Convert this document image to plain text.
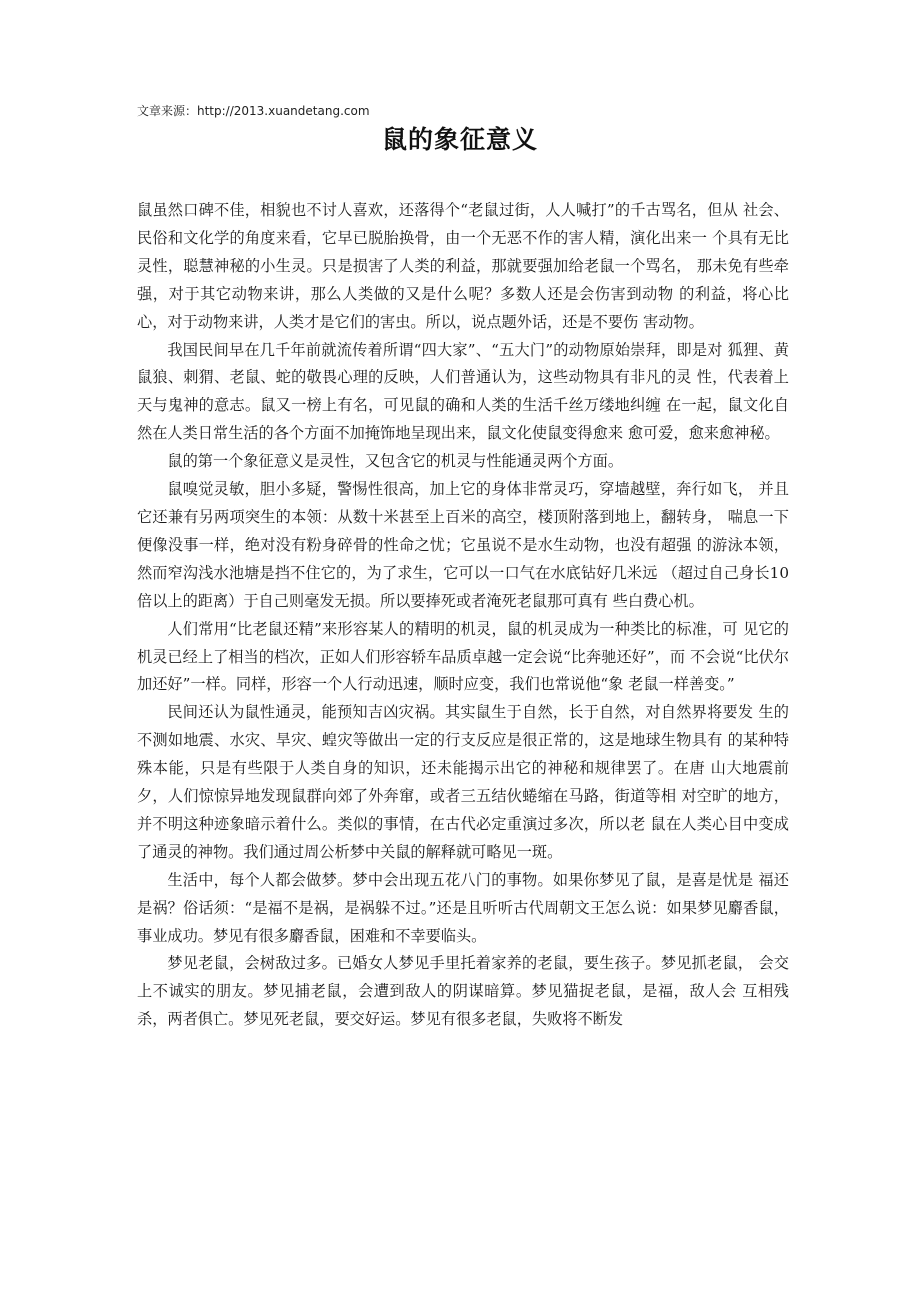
文章来源：http://2013.xuandetang.com
鼠的象征意义

鼠虽然口碑不佳，相貌也不讨人喜欢，还落得个“老鼠过街，人人喊打”的千古骂名，但从 社会、民俗和文化学的角度来看，它早已脱胎换骨，由一个无恶不作的害人精，演化出来一 个具有无比灵性，聪慧神秘的小生灵。只是损害了人类的利益，那就要强加给老鼠一个骂名， 那未免有些牵强，对于其它动物来讲，那么人类做的又是什么呢？多数人还是会伤害到动物 的利益，将心比心，对于动物来讲，人类才是它们的害虫。所以，说点题外话，还是不要伤 害动物。

我国民间早在几千年前就流传着所谓“四大家”、“五大门”的动物原始崇拜，即是对 狐狸、黄鼠狼、刺猬、老鼠、蛇的敬畏心理的反映，人们普通认为，这些动物具有非凡的灵 性，代表着上天与鬼神的意志。鼠又一榜上有名，可见鼠的确和人类的生活千丝万缕地纠缠 在一起，鼠文化自然在人类日常生活的各个方面不加掩饰地呈现出来，鼠文化使鼠变得愈来 愈可爱，愈来愈神秘。

鼠的第一个象征意义是灵性，又包含它的机灵与性能通灵两个方面。

鼠嗅觉灵敏，胆小多疑，警惕性很高，加上它的身体非常灵巧，穿墙越壁，奔行如飞， 并且它还兼有另两项突生的本领：从数十米甚至上百米的高空，楼顶附落到地上，翻转身， 喘息一下便像没事一样，绝对没有粉身碎骨的性命之忧；它虽说不是水生动物，也没有超强 的游泳本领，然而窄沟浅水池塘是挡不住它的，为了求生，它可以一口气在水底钻好几米远 （超过自己身长10 倍以上的距离）于自己则毫发无损。所以要捧死或者淹死老鼠那可真有 些白费心机。

人们常用“比老鼠还精”来形容某人的精明的机灵，鼠的机灵成为一种类比的标准，可 见它的机灵已经上了相当的档次，正如人们形容轿车品质卓越一定会说“比奔驰还好”，而 不会说“比伏尔加还好”一样。同样，形容一个人行动迅速，顺时应变，我们也常说他“象 老鼠一样善变。”

民间还认为鼠性通灵，能预知吉凶灾祸。其实鼠生于自然，长于自然，对自然界将要发 生的不测如地震、水灾、旱灾、蝗灾等做出一定的行支反应是很正常的，这是地球生物具有 的某种特殊本能，只是有些限于人类自身的知识，还未能揭示出它的神秘和规律罢了。在唐 山大地震前夕，人们惊惊异地发现鼠群向郊了外奔窜，或者三五结伙蜷缩在马路，街道等相 对空旷的地方，并不明这种迹象暗示着什么。类似的事情，在古代必定重演过多次，所以老 鼠在人类心目中变成了通灵的神物。我们通过周公析梦中关鼠的解释就可略见一斑。

生活中，每个人都会做梦。梦中会出现五花八门的事物。如果你梦见了鼠，是喜是忧是 福还是祸？俗话须：“是福不是祸，是祸躲不过。”还是且听听古代周朝文王怎么说：如果梦见麝香鼠，事业成功。梦见有很多麝香鼠，困难和不幸要临头。

梦见老鼠，会树敌过多。已婚女人梦见手里托着家养的老鼠，要生孩子。梦见抓老鼠， 会交上不诚实的朋友。梦见捕老鼠，会遭到敌人的阴谋暗算。梦见猫捉老鼠，是福，敌人会 互相残杀，两者俱亡。梦见死老鼠，要交好运。梦见有很多老鼠，失败将不断发
